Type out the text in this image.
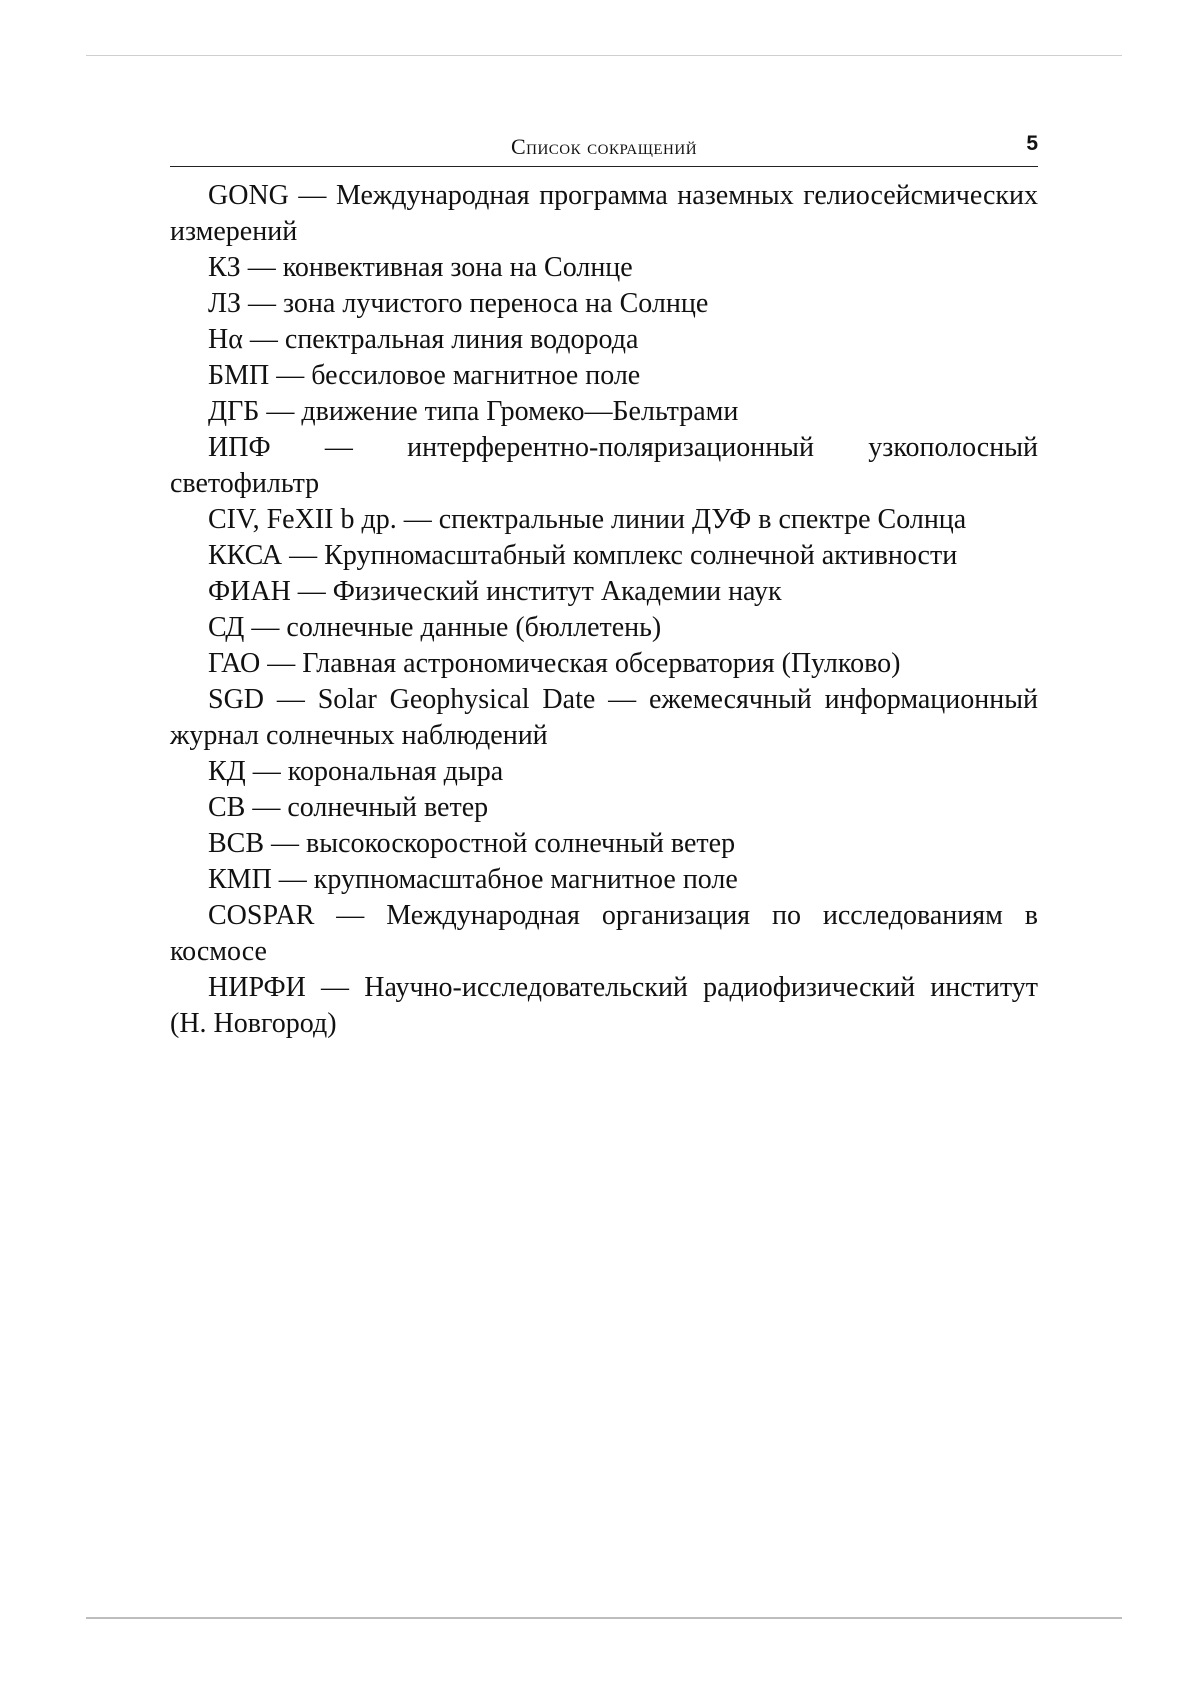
Список сокращений	5

GONG — Международная программа наземных гелиосейсмических измерений

КЗ — конвективная зона на Солнце

ЛЗ — зона лучистого переноса на Солнце

Hα — спектральная линия водорода

БМП — бессиловое магнитное поле

ДГБ — движение типа Громеко—Бельтрами

ИПФ — интерферентно-поляризационный узкополосный светофильтр

CIV, FeXII b др. — спектральные линии ДУФ в спектре Солнца

ККСА — Крупномасштабный комплекс солнечной активности

ФИАН — Физический институт Академии наук

СД — солнечные данные (бюллетень)

ГАО — Главная астрономическая обсерватория (Пулково)

SGD — Solar Geophysical Date — ежемесячный информационный журнал солнечных наблюдений

КД — корональная дыра

СВ — солнечный ветер

ВСВ — высокоскоростной солнечный ветер

КМП — крупномасштабное магнитное поле

COSPAR — Международная организация по исследованиям в космосе

НИРФИ — Научно-исследовательский радиофизический институт (Н. Новгород)
